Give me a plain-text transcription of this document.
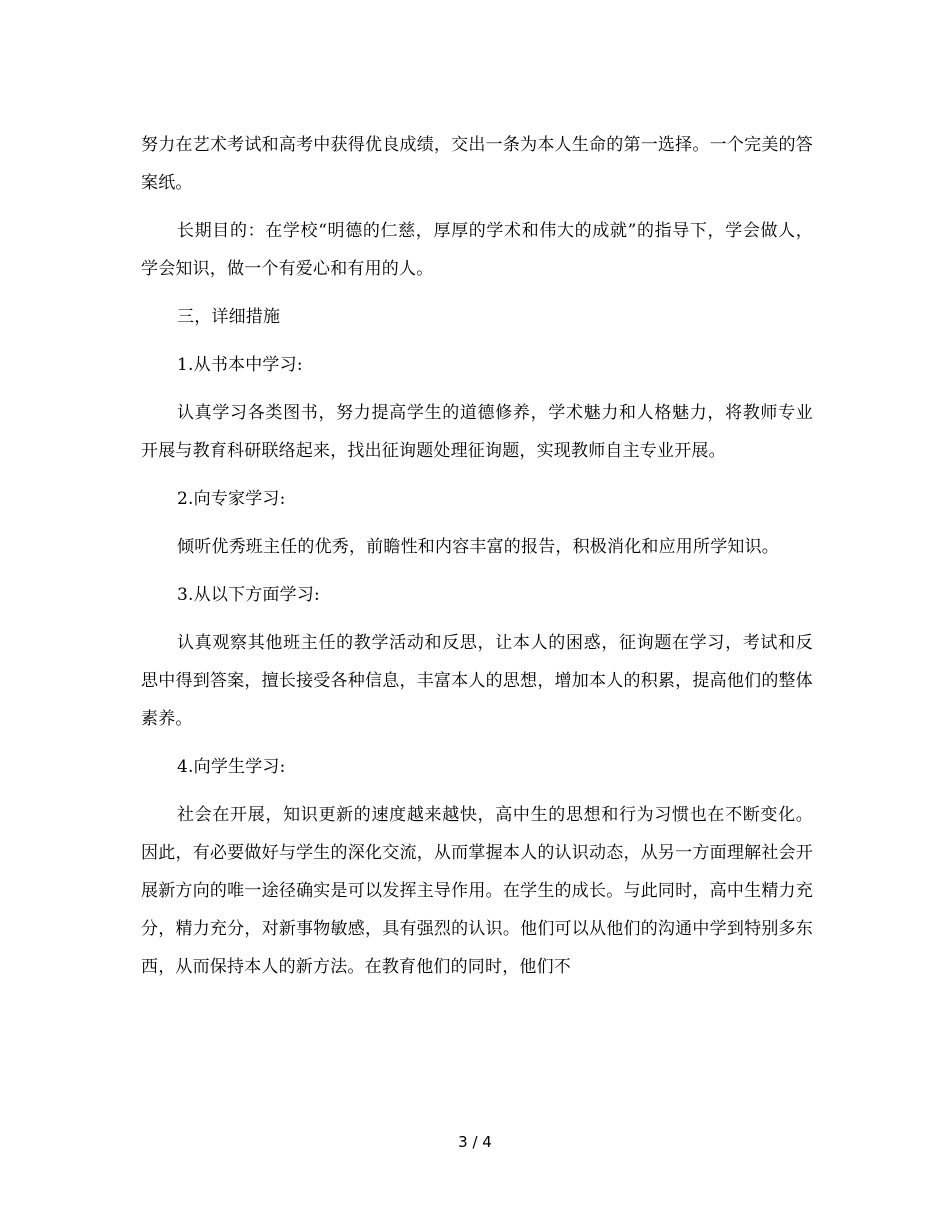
努力在艺术考试和高考中获得优良成绩，交出一条为本人生命的第一选择。一个完美的答案纸。

长期目的：在学校“明德的仁慈，厚厚的学术和伟大的成就”的指导下，学会做人，学会知识，做一个有爱心和有用的人。

三，详细措施

1.从书本中学习:

认真学习各类图书，努力提高学生的道德修养，学术魅力和人格魅力，将教师专业开展与教育科研联络起来，找出征询题处理征询题，实现教师自主专业开展。

2.向专家学习:

倾听优秀班主任的优秀，前瞻性和内容丰富的报告，积极消化和应用所学知识。

3.从以下方面学习:

认真观察其他班主任的教学活动和反思，让本人的困惑，征询题在学习，考试和反思中得到答案，擅长接受各种信息，丰富本人的思想，增加本人的积累，提高他们的整体素养。

4.向学生学习:

社会在开展，知识更新的速度越来越快，高中生的思想和行为习惯也在不断变化。因此，有必要做好与学生的深化交流，从而掌握本人的认识动态，从另一方面理解社会开展新方向的唯一途径确实是可以发挥主导作用。在学生的成长。与此同时，高中生精力充分，精力充分，对新事物敏感，具有强烈的认识。他们可以从他们的沟通中学到特别多东西，从而保持本人的新方法。在教育他们的同时，他们不

3 / 4
